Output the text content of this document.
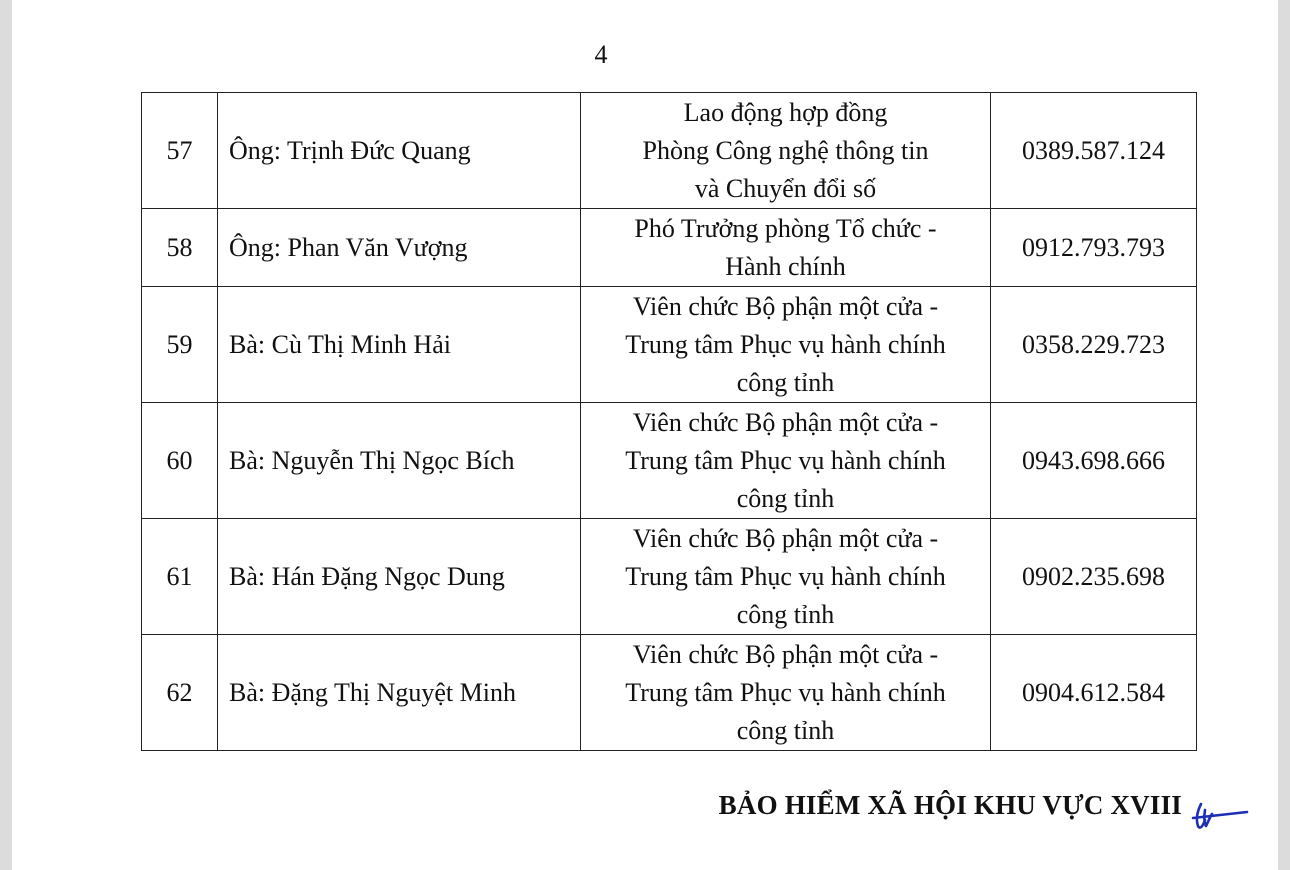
4
57	Ông: Trịnh Đức Quang	Lao động hợp đồng
Phòng Công nghệ thông tin
và Chuyển đổi số	0389.587.124
58	Ông: Phan Văn Vượng	Phó Trưởng phòng Tổ chức -
Hành chính	0912.793.793
59	Bà: Cù Thị Minh Hải	Viên chức Bộ phận một cửa -
Trung tâm Phục vụ hành chính
công tỉnh	0358.229.723
60	Bà: Nguyễn Thị Ngọc Bích	Viên chức Bộ phận một cửa -
Trung tâm Phục vụ hành chính
công tỉnh	0943.698.666
61	Bà: Hán Đặng Ngọc Dung	Viên chức Bộ phận một cửa -
Trung tâm Phục vụ hành chính
công tỉnh	0902.235.698
62	Bà: Đặng Thị Nguyệt Minh	Viên chức Bộ phận một cửa -
Trung tâm Phục vụ hành chính
công tỉnh	0904.612.584
BẢO HIỂM XÃ HỘI KHU VỰC XVIII
